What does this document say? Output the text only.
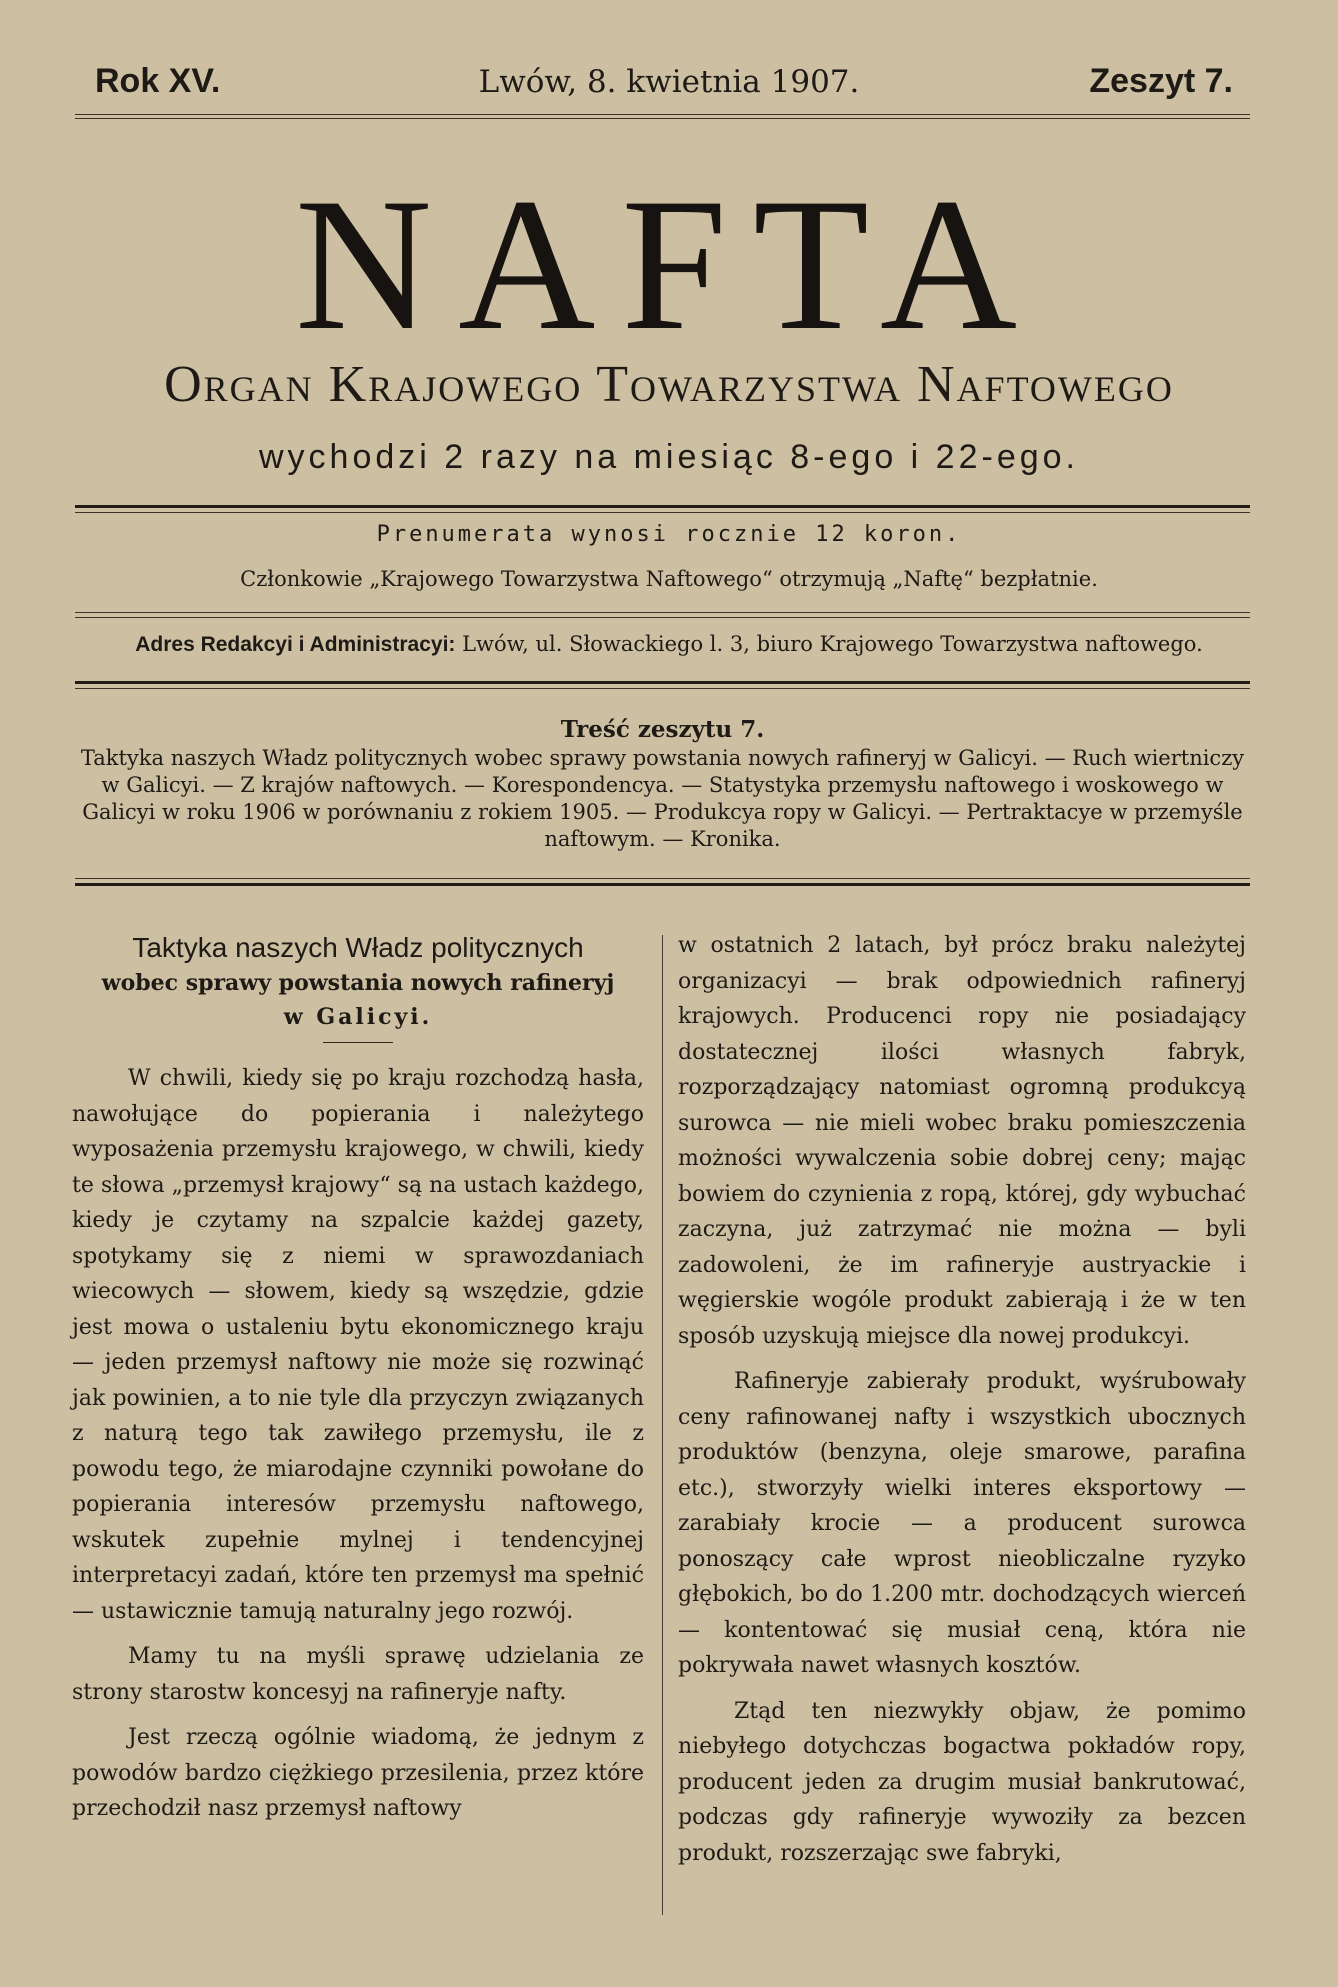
Rok XV.	Lwów, 8. kwietnia 1907.	Zeszyt 7.
NAFTA
Organ Krajowego Towarzystwa Naftowego
wychodzi 2 razy na miesiąc 8-ego i 22-ego.
Prenumerata wynosi rocznie 12 koron.
Członkowie „Krajowego Towarzystwa Naftowego“ otrzymują „Naftę“ bezpłatnie.
Adres Redakcyi i Administracyi: Lwów, ul. Słowackiego l. 3, biuro Krajowego Towarzystwa naftowego.
Treść zeszytu 7.
Taktyka naszych Władz politycznych wobec sprawy powstania nowych rafineryj w Galicyi. — Ruch wiertniczy w Galicyi. — Z krajów naftowych. — Korespondencya. — Statystyka przemysłu naftowego i woskowego w Galicyi w roku 1906 w porównaniu z rokiem 1905. — Produkcya ropy w Galicyi. — Pertraktacye w przemyśle naftowym. — Kronika.
Taktyka naszych Władz politycznych
wobec sprawy powstania nowych rafineryj
w Galicyi.

W chwili, kiedy się po kraju rozchodzą hasła, nawołujące do popierania i należytego wyposażenia przemysłu krajowego, w chwili, kiedy te słowa „przemysł krajowy“ są na ustach każdego, kiedy je czytamy na szpalcie każdej gazety, spotykamy się z niemi w sprawozdaniach wiecowych — słowem, kiedy są wszędzie, gdzie jest mowa o ustaleniu bytu ekonomicznego kraju — jeden przemysł naftowy nie może się rozwinąć jak powinien, a to nie tyle dla przyczyn związanych z naturą tego tak zawiłego przemysłu, ile z powodu tego, że miarodajne czynniki powołane do popierania interesów przemysłu naftowego, wskutek zupełnie mylnej i tendencyjnej interpretacyi zadań, które ten przemysł ma spełnić — ustawicznie tamują naturalny jego rozwój.

Mamy tu na myśli sprawę udzielania ze strony starostw koncesyj na rafineryje nafty.

Jest rzeczą ogólnie wiadomą, że jednym z powodów bardzo ciężkiego przesilenia, przez które przechodził nasz przemysł naftowy

w ostatnich 2 latach, był prócz braku należytej organizacyi — brak odpowiednich rafineryj krajowych. Producenci ropy nie posiadający dostatecznej ilości własnych fabryk, rozporządzający natomiast ogromną produkcyą surowca — nie mieli wobec braku pomieszczenia możności wywalczenia sobie dobrej ceny; mając bowiem do czynienia z ropą, której, gdy wybuchać zaczyna, już zatrzymać nie można — byli zadowoleni, że im rafineryje austryackie i węgierskie wogóle produkt zabierają i że w ten sposób uzyskują miejsce dla nowej produkcyi.

Rafineryje zabierały produkt, wyśrubowały ceny rafinowanej nafty i wszystkich ubocznych produktów (benzyna, oleje smarowe, parafina etc.), stworzyły wielki interes eksportowy — zarabiały krocie — a producent surowca ponoszący całe wprost nieobliczalne ryzyko głębokich, bo do 1.200 mtr. dochodzących wierceń — kontentować się musiał ceną, która nie pokrywała nawet własnych kosztów.

Ztąd ten niezwykły objaw, że pomimo niebyłego dotychczas bogactwa pokładów ropy, producent jeden za drugim musiał bankrutować, podczas gdy rafineryje wywoziły za bezcen produkt, rozszerzając swe fabryki,
